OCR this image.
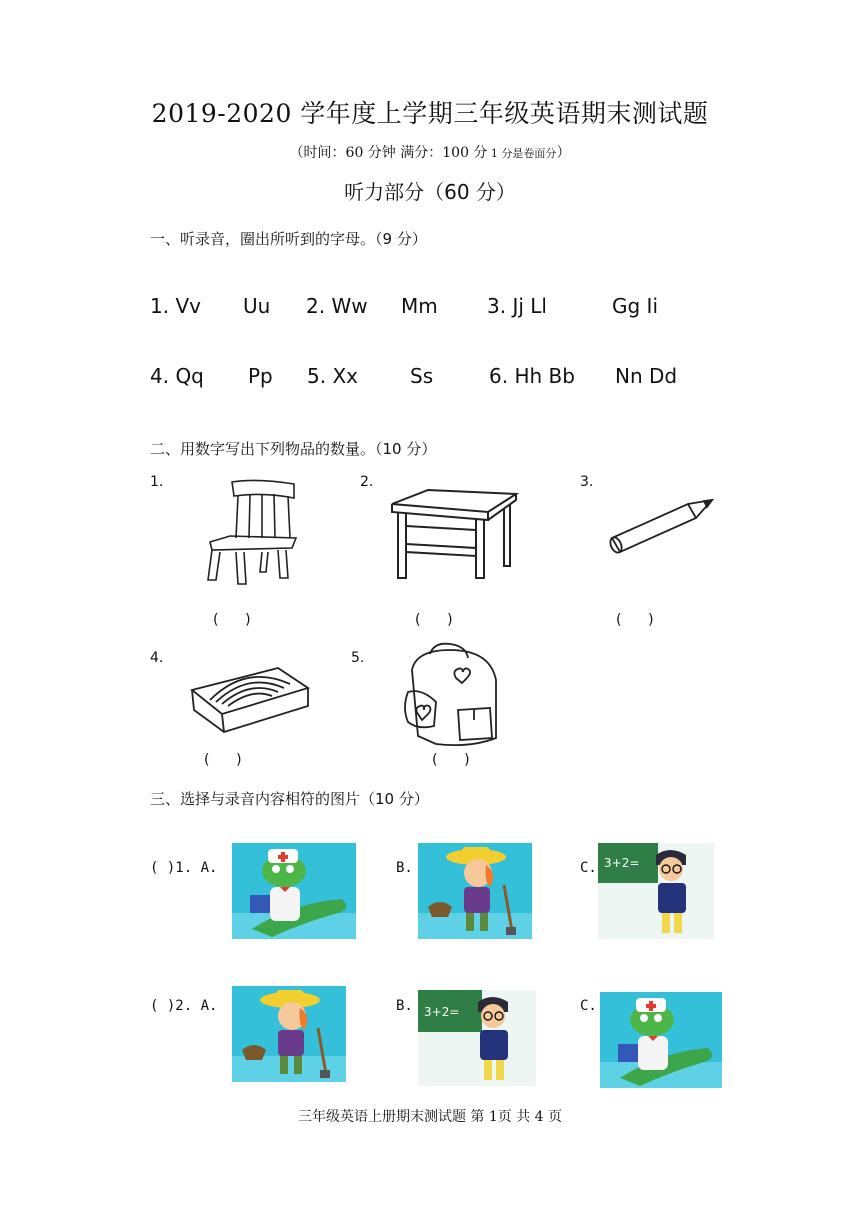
2019-2020 学年度上学期三年级英语期末测试题
（时间：60 分钟 满分：100 分 1 分是卷面分）
听力部分（60 分）
一、听录音，圈出所听到的字母。（9 分）
1. Vv Uu 2. Ww Mm 3. Jj Ll	Gg Ii
4. Qq Pp 5. Xx	Ss	6. Hh Bb Nn Dd
二、用数字写出下列物品的数量。（10 分）
1.
(      )
2.
(      )
3.
(      )
4.
(      )
5.
(      )
三、选择与录音内容相符的图片（10 分）
( )1. A.	B.	C. 3+2=
( )2. A.	B. 3+2=	C.
三年级英语上册期末测试题 第 1页 共 4 页
